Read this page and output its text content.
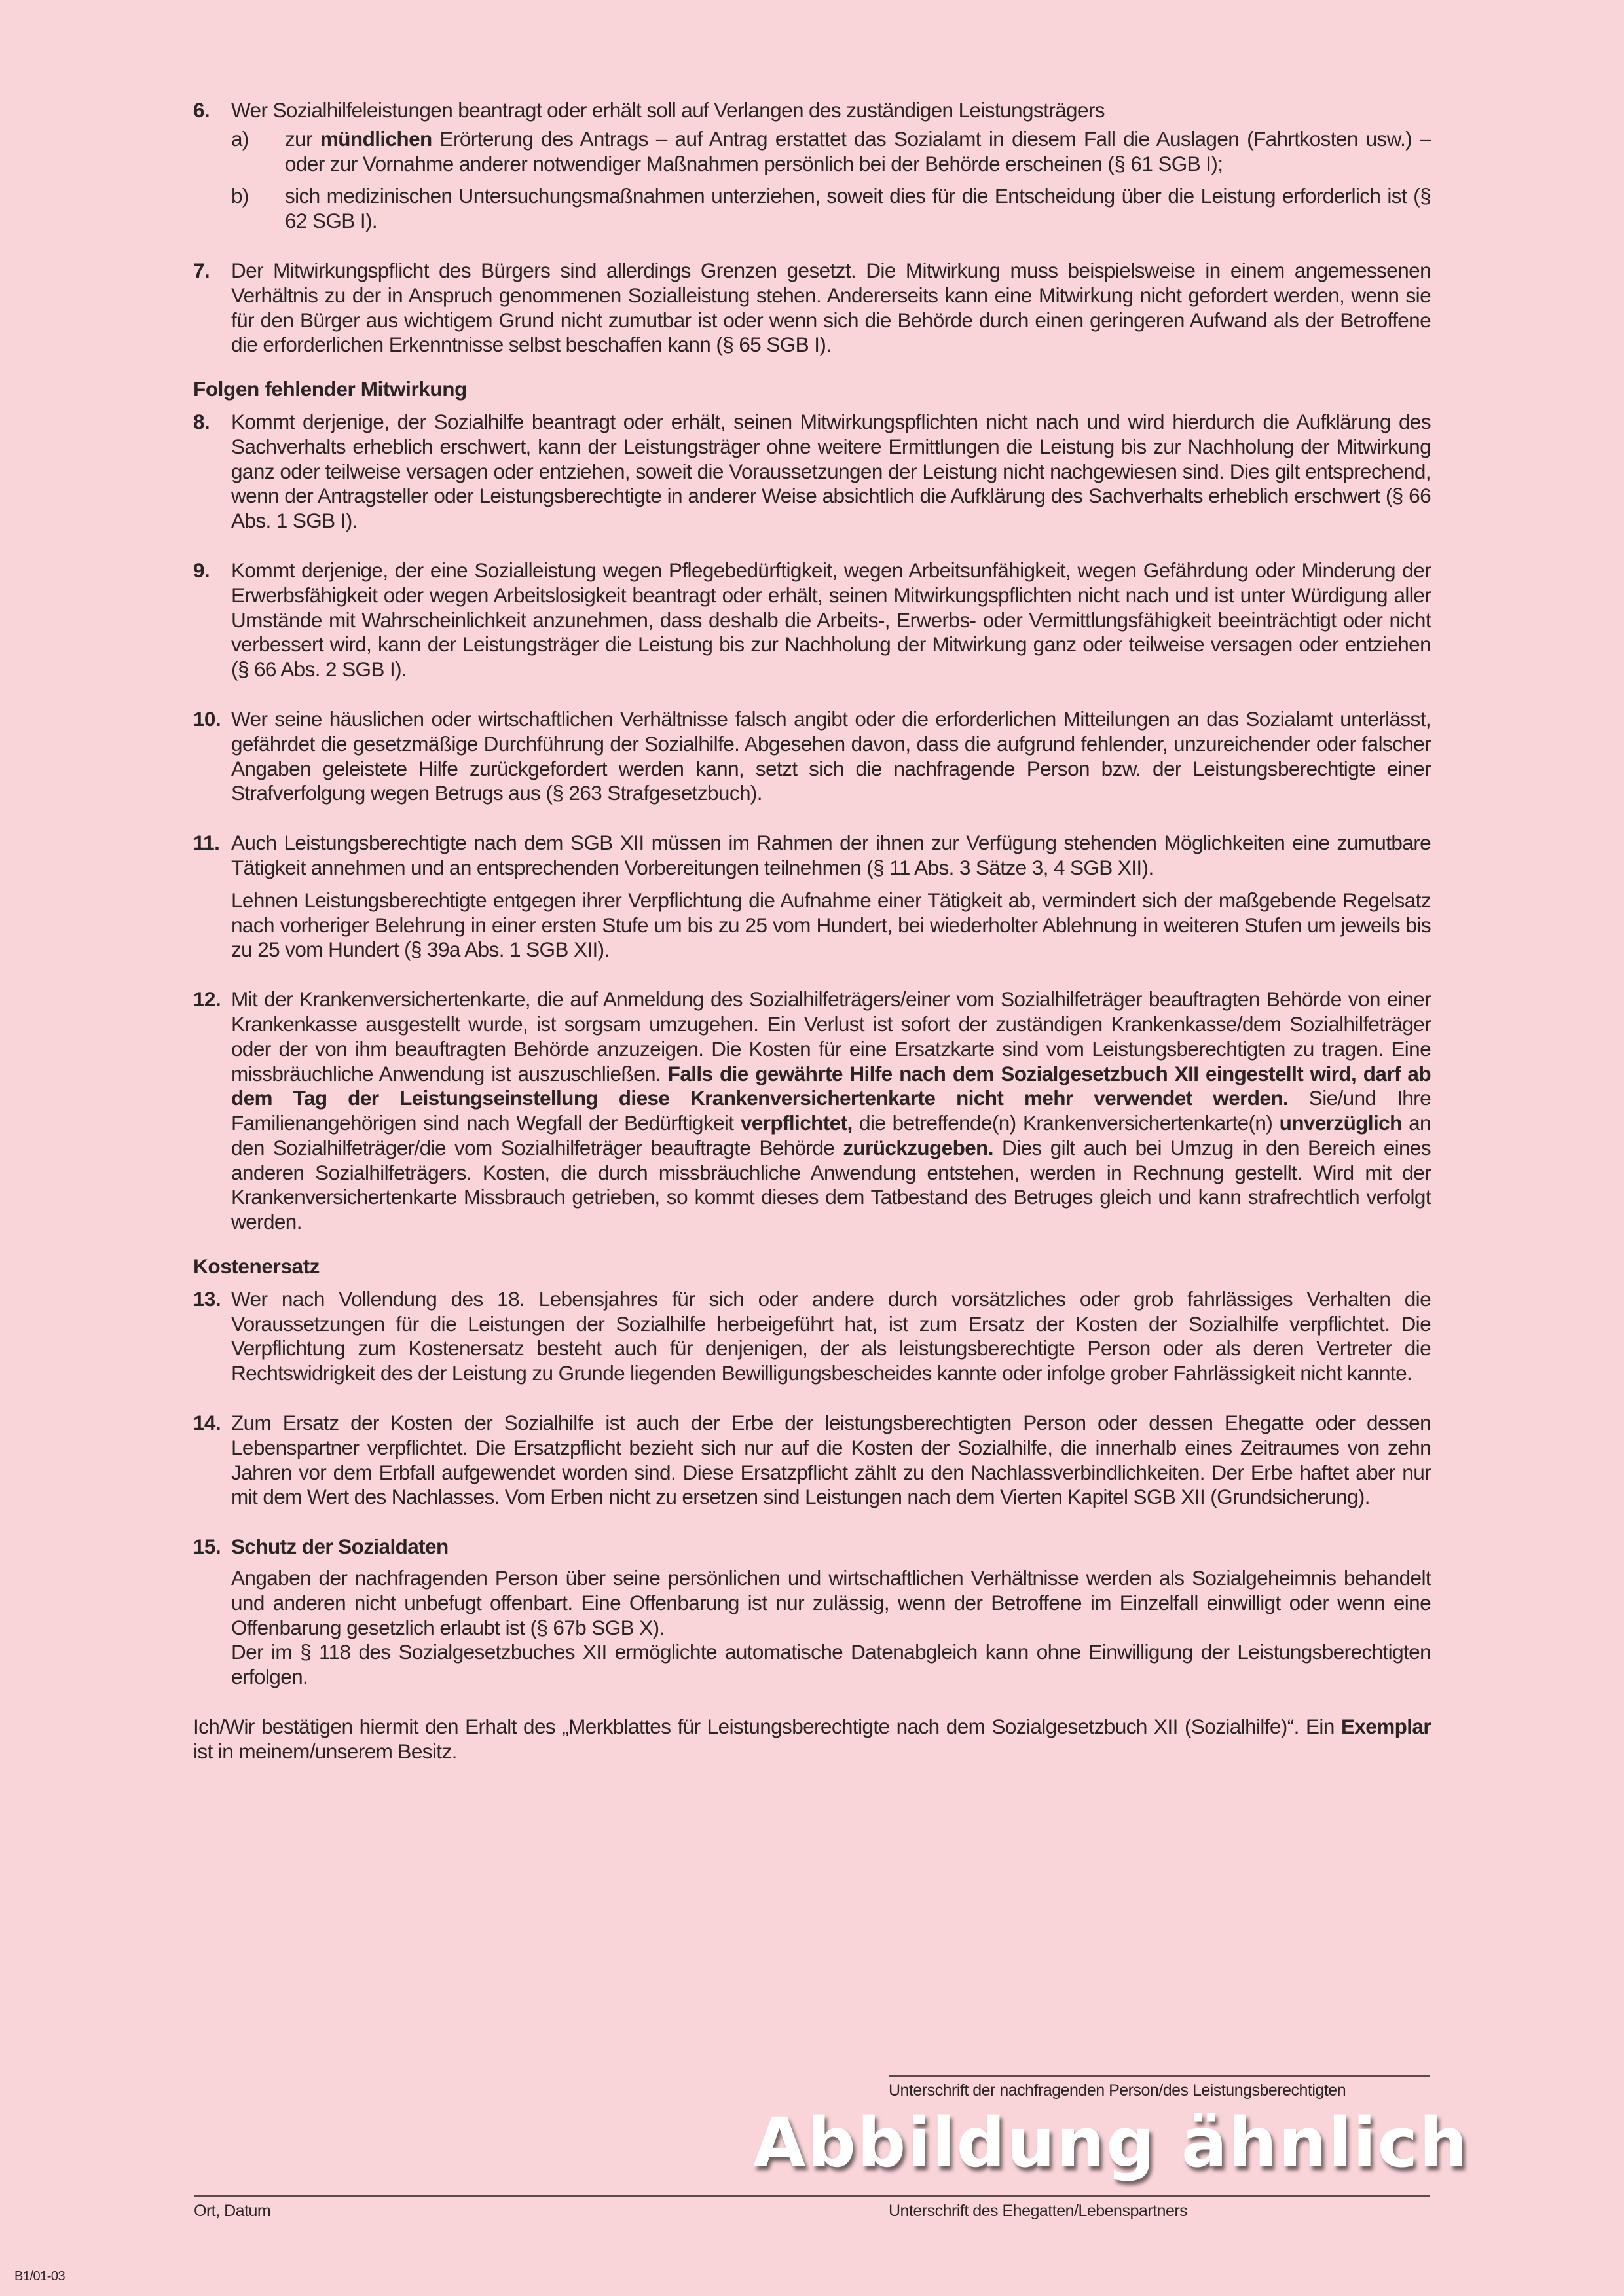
6. Wer Sozialhilfeleistungen beantragt oder erhält soll auf Verlangen des zuständigen Leistungsträgers
a) zur mündlichen Erörterung des Antrags – auf Antrag erstattet das Sozialamt in diesem Fall die Auslagen (Fahrtkosten usw.) – oder zur Vornahme anderer notwendiger Maßnahmen persönlich bei der Behörde erscheinen (§ 61 SGB I);
b) sich medizinischen Untersuchungsmaßnahmen unterziehen, soweit dies für die Entscheidung über die Leistung erforderlich ist (§ 62 SGB I).
7. Der Mitwirkungspflicht des Bürgers sind allerdings Grenzen gesetzt. Die Mitwirkung muss beispielsweise in einem angemessenen Verhältnis zu der in Anspruch genommenen Sozialleistung stehen. Andererseits kann eine Mitwirkung nicht gefordert werden, wenn sie für den Bürger aus wichtigem Grund nicht zumutbar ist oder wenn sich die Behörde durch einen geringeren Aufwand als der Betroffene die erforderlichen Erkenntnisse selbst beschaffen kann (§ 65 SGB I).
Folgen fehlender Mitwirkung
8. Kommt derjenige, der Sozialhilfe beantragt oder erhält, seinen Mitwirkungspflichten nicht nach und wird hierdurch die Aufklärung des Sachverhalts erheblich erschwert, kann der Leistungsträger ohne weitere Ermittlungen die Leistung bis zur Nachholung der Mitwirkung ganz oder teilweise versagen oder entziehen, soweit die Voraussetzungen der Leistung nicht nachgewiesen sind. Dies gilt entsprechend, wenn der Antragsteller oder Leistungsberechtigte in anderer Weise absichtlich die Aufklärung des Sachverhalts erheblich erschwert (§ 66 Abs. 1 SGB I).
9. Kommt derjenige, der eine Sozialleistung wegen Pflegebedürftigkeit, wegen Arbeitsunfähigkeit, wegen Gefährdung oder Minderung der Erwerbsfähigkeit oder wegen Arbeitslosigkeit beantragt oder erhält, seinen Mitwirkungspflichten nicht nach und ist unter Würdigung aller Umstände mit Wahrscheinlichkeit anzunehmen, dass deshalb die Arbeits-, Erwerbs- oder Vermittlungsfähigkeit beeinträchtigt oder nicht verbessert wird, kann der Leistungsträger die Leistung bis zur Nachholung der Mitwirkung ganz oder teilweise versagen oder entziehen (§ 66 Abs. 2 SGB I).
10. Wer seine häuslichen oder wirtschaftlichen Verhältnisse falsch angibt oder die erforderlichen Mitteilungen an das Sozialamt unterlässt, gefährdet die gesetzmäßige Durchführung der Sozialhilfe. Abgesehen davon, dass die aufgrund fehlender, unzureichender oder falscher Angaben geleistete Hilfe zurückgefordert werden kann, setzt sich die nachfragende Person bzw. der Leistungsberechtigte einer Strafverfolgung wegen Betrugs aus (§ 263 Strafgesetzbuch).
11. Auch Leistungsberechtigte nach dem SGB XII müssen im Rahmen der ihnen zur Verfügung stehenden Möglichkeiten eine zumutbare Tätigkeit annehmen und an entsprechenden Vorbereitungen teilnehmen (§ 11 Abs. 3 Sätze 3, 4 SGB XII).
Lehnen Leistungsberechtigte entgegen ihrer Verpflichtung die Aufnahme einer Tätigkeit ab, vermindert sich der maßgebende Regelsatz nach vorheriger Belehrung in einer ersten Stufe um bis zu 25 vom Hundert, bei wiederholter Ablehnung in weiteren Stufen um jeweils bis zu 25 vom Hundert (§ 39a Abs. 1 SGB XII).
12. Mit der Krankenversichertenkarte, die auf Anmeldung des Sozialhilfeträgers/einer vom Sozialhilfeträger beauftragten Behörde von einer Krankenkasse ausgestellt wurde, ist sorgsam umzugehen. Ein Verlust ist sofort der zuständigen Krankenkasse/dem Sozialhilfeträger oder der von ihm beauftragten Behörde anzuzeigen. Die Kosten für eine Ersatzkarte sind vom Leistungsberechtigten zu tragen. Eine missbräuchliche Anwendung ist auszuschließen. Falls die gewährte Hilfe nach dem Sozialgesetzbuch XII eingestellt wird, darf ab dem Tag der Leistungseinstellung diese Krankenversichertenkarte nicht mehr verwendet werden. Sie/und Ihre Familienangehörigen sind nach Wegfall der Bedürftigkeit verpflichtet, die betreffende(n) Krankenversichertenkarte(n) unverzüglich an den Sozialhilfeträger/die vom Sozialhilfeträger beauftragte Behörde zurückzugeben. Dies gilt auch bei Umzug in den Bereich eines anderen Sozialhilfeträgers. Kosten, die durch missbräuchliche Anwendung entstehen, werden in Rechnung gestellt. Wird mit der Krankenversichertenkarte Missbrauch getrieben, so kommt dieses dem Tatbestand des Betruges gleich und kann strafrechtlich verfolgt werden.
Kostenersatz
13. Wer nach Vollendung des 18. Lebensjahres für sich oder andere durch vorsätzliches oder grob fahrlässiges Verhalten die Voraussetzungen für die Leistungen der Sozialhilfe herbeigeführt hat, ist zum Ersatz der Kosten der Sozialhilfe verpflichtet. Die Verpflichtung zum Kostenersatz besteht auch für denjenigen, der als leistungsberechtigte Person oder als deren Vertreter die Rechtswidrigkeit des der Leistung zu Grunde liegenden Bewilligungsbescheides kannte oder infolge grober Fahrlässigkeit nicht kannte.
14. Zum Ersatz der Kosten der Sozialhilfe ist auch der Erbe der leistungsberechtigten Person oder dessen Ehegatte oder dessen Lebenspartner verpflichtet. Die Ersatzpflicht bezieht sich nur auf die Kosten der Sozialhilfe, die innerhalb eines Zeitraumes von zehn Jahren vor dem Erbfall aufgewendet worden sind. Diese Ersatzpflicht zählt zu den Nachlassverbindlichkeiten. Der Erbe haftet aber nur mit dem Wert des Nachlasses. Vom Erben nicht zu ersetzen sind Leistungen nach dem Vierten Kapitel SGB XII (Grundsicherung).
15. Schutz der Sozialdaten
Angaben der nachfragenden Person über seine persönlichen und wirtschaftlichen Verhältnisse werden als Sozialgeheimnis behandelt und anderen nicht unbefugt offenbart. Eine Offenbarung ist nur zulässig, wenn der Betroffene im Einzelfall einwilligt oder wenn eine Offenbarung gesetzlich erlaubt ist (§ 67b SGB X).
Der im § 118 des Sozialgesetzbuches XII ermöglichte automatische Datenabgleich kann ohne Einwilligung der Leistungsberechtigten erfolgen.
Ich/Wir bestätigen hiermit den Erhalt des „Merkblattes für Leistungsberechtigte nach dem Sozialgesetzbuch XII (Sozialhilfe)“. Ein Exemplar ist in meinem/unserem Besitz.
Unterschrift der nachfragenden Person/des Leistungsberechtigten
Abbildung ähnlich
Ort, Datum	Unterschrift des Ehegatten/Lebenspartners
B1/01-03
